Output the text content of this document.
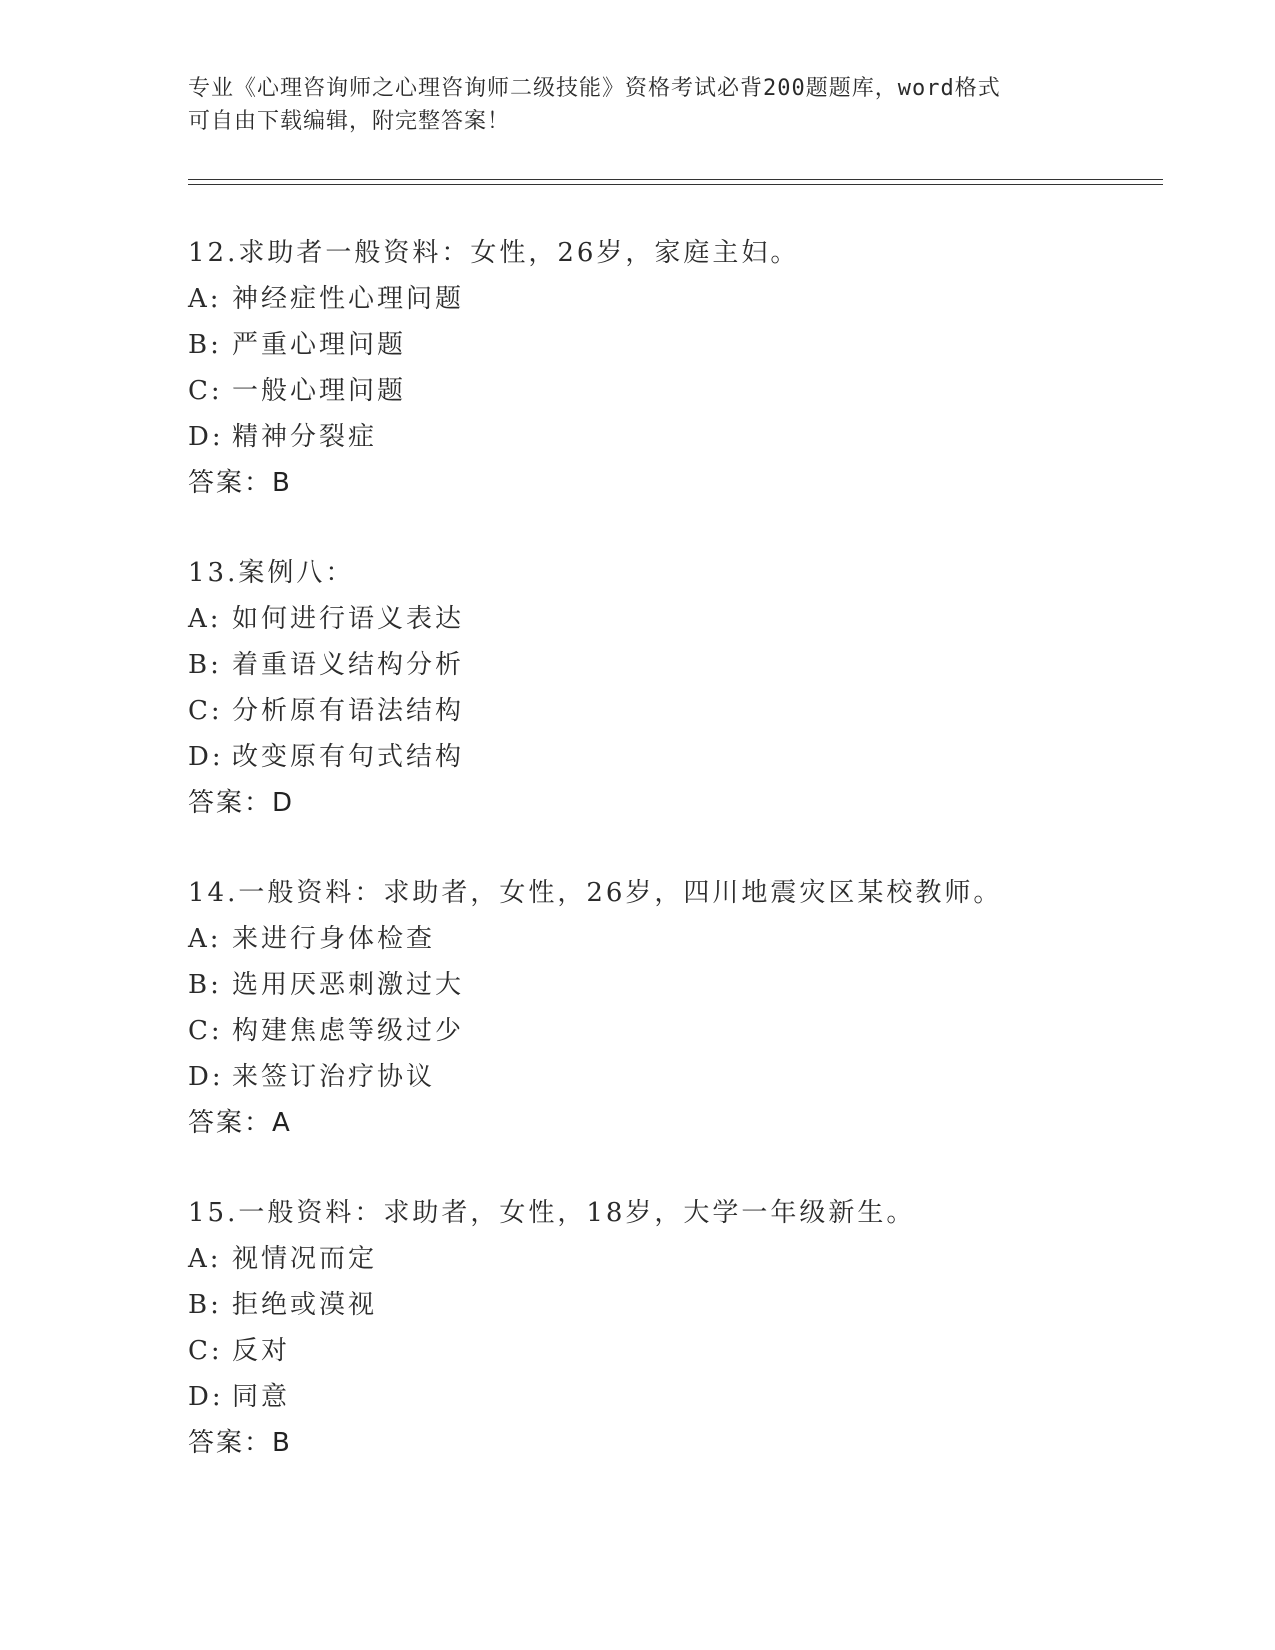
专业《心理咨询师之心理咨询师二级技能》资格考试必背200题题库，word格式
可自由下载编辑，附完整答案！
12.求助者一般资料：女性，26岁，家庭主妇。
A: 神经症性心理问题
B: 严重心理问题
C: 一般心理问题
D: 精神分裂症
答案：B
13.案例八：
A: 如何进行语义表达
B: 着重语义结构分析
C: 分析原有语法结构
D: 改变原有句式结构
答案：D
14.一般资料：求助者，女性，26岁，四川地震灾区某校教师。
A: 来进行身体检查
B: 选用厌恶刺激过大
C: 构建焦虑等级过少
D: 来签订治疗协议
答案：A
15.一般资料：求助者，女性，18岁，大学一年级新生。
A: 视情况而定
B: 拒绝或漠视
C: 反对
D: 同意
答案：B
